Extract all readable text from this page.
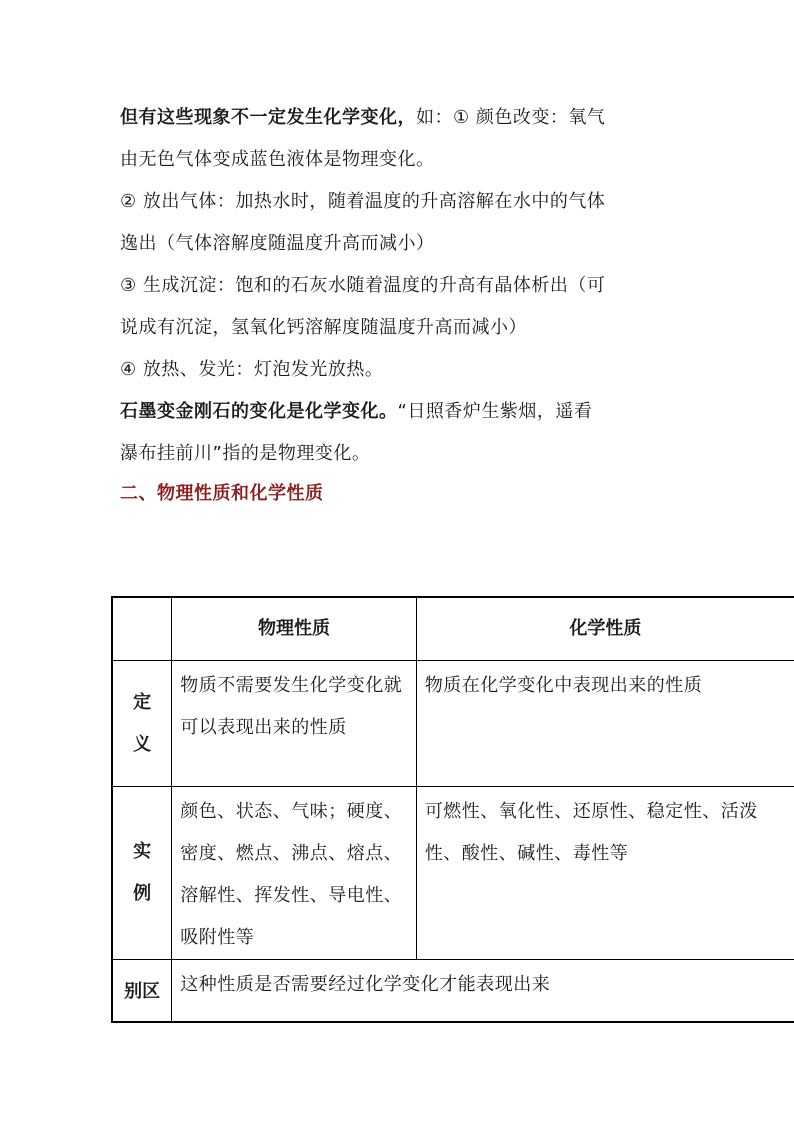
但有这些现象不一定发生化学变化，如：① 颜色改变：氧气
由无色气体变成蓝色液体是物理变化。
② 放出气体：加热水时，随着温度的升高溶解在水中的气体
逸出（气体溶解度随温度升高而减小）
③ 生成沉淀：饱和的石灰水随着温度的升高有晶体析出（可
说成有沉淀，氢氧化钙溶解度随温度升高而减小）
④ 放热、发光：灯泡发光放热。
石墨变金刚石的变化是化学变化。“日照香炉生紫烟，遥看
瀑布挂前川”指的是物理变化。
二、物理性质和化学性质
	物理性质	化学性质

定
义	物质不需要发生化学变化就可以表现出来的性质	物质在化学变化中表现出来的性质

实
例	颜色、状态、气味；硬度、密度、燃点、沸点、熔点、溶解性、挥发性、导电性、吸附性等	可燃性、氧化性、还原性、稳定性、活泼性、酸性、碱性、毒性等
别区	这种性质是否需要经过化学变化才能表现出来	
